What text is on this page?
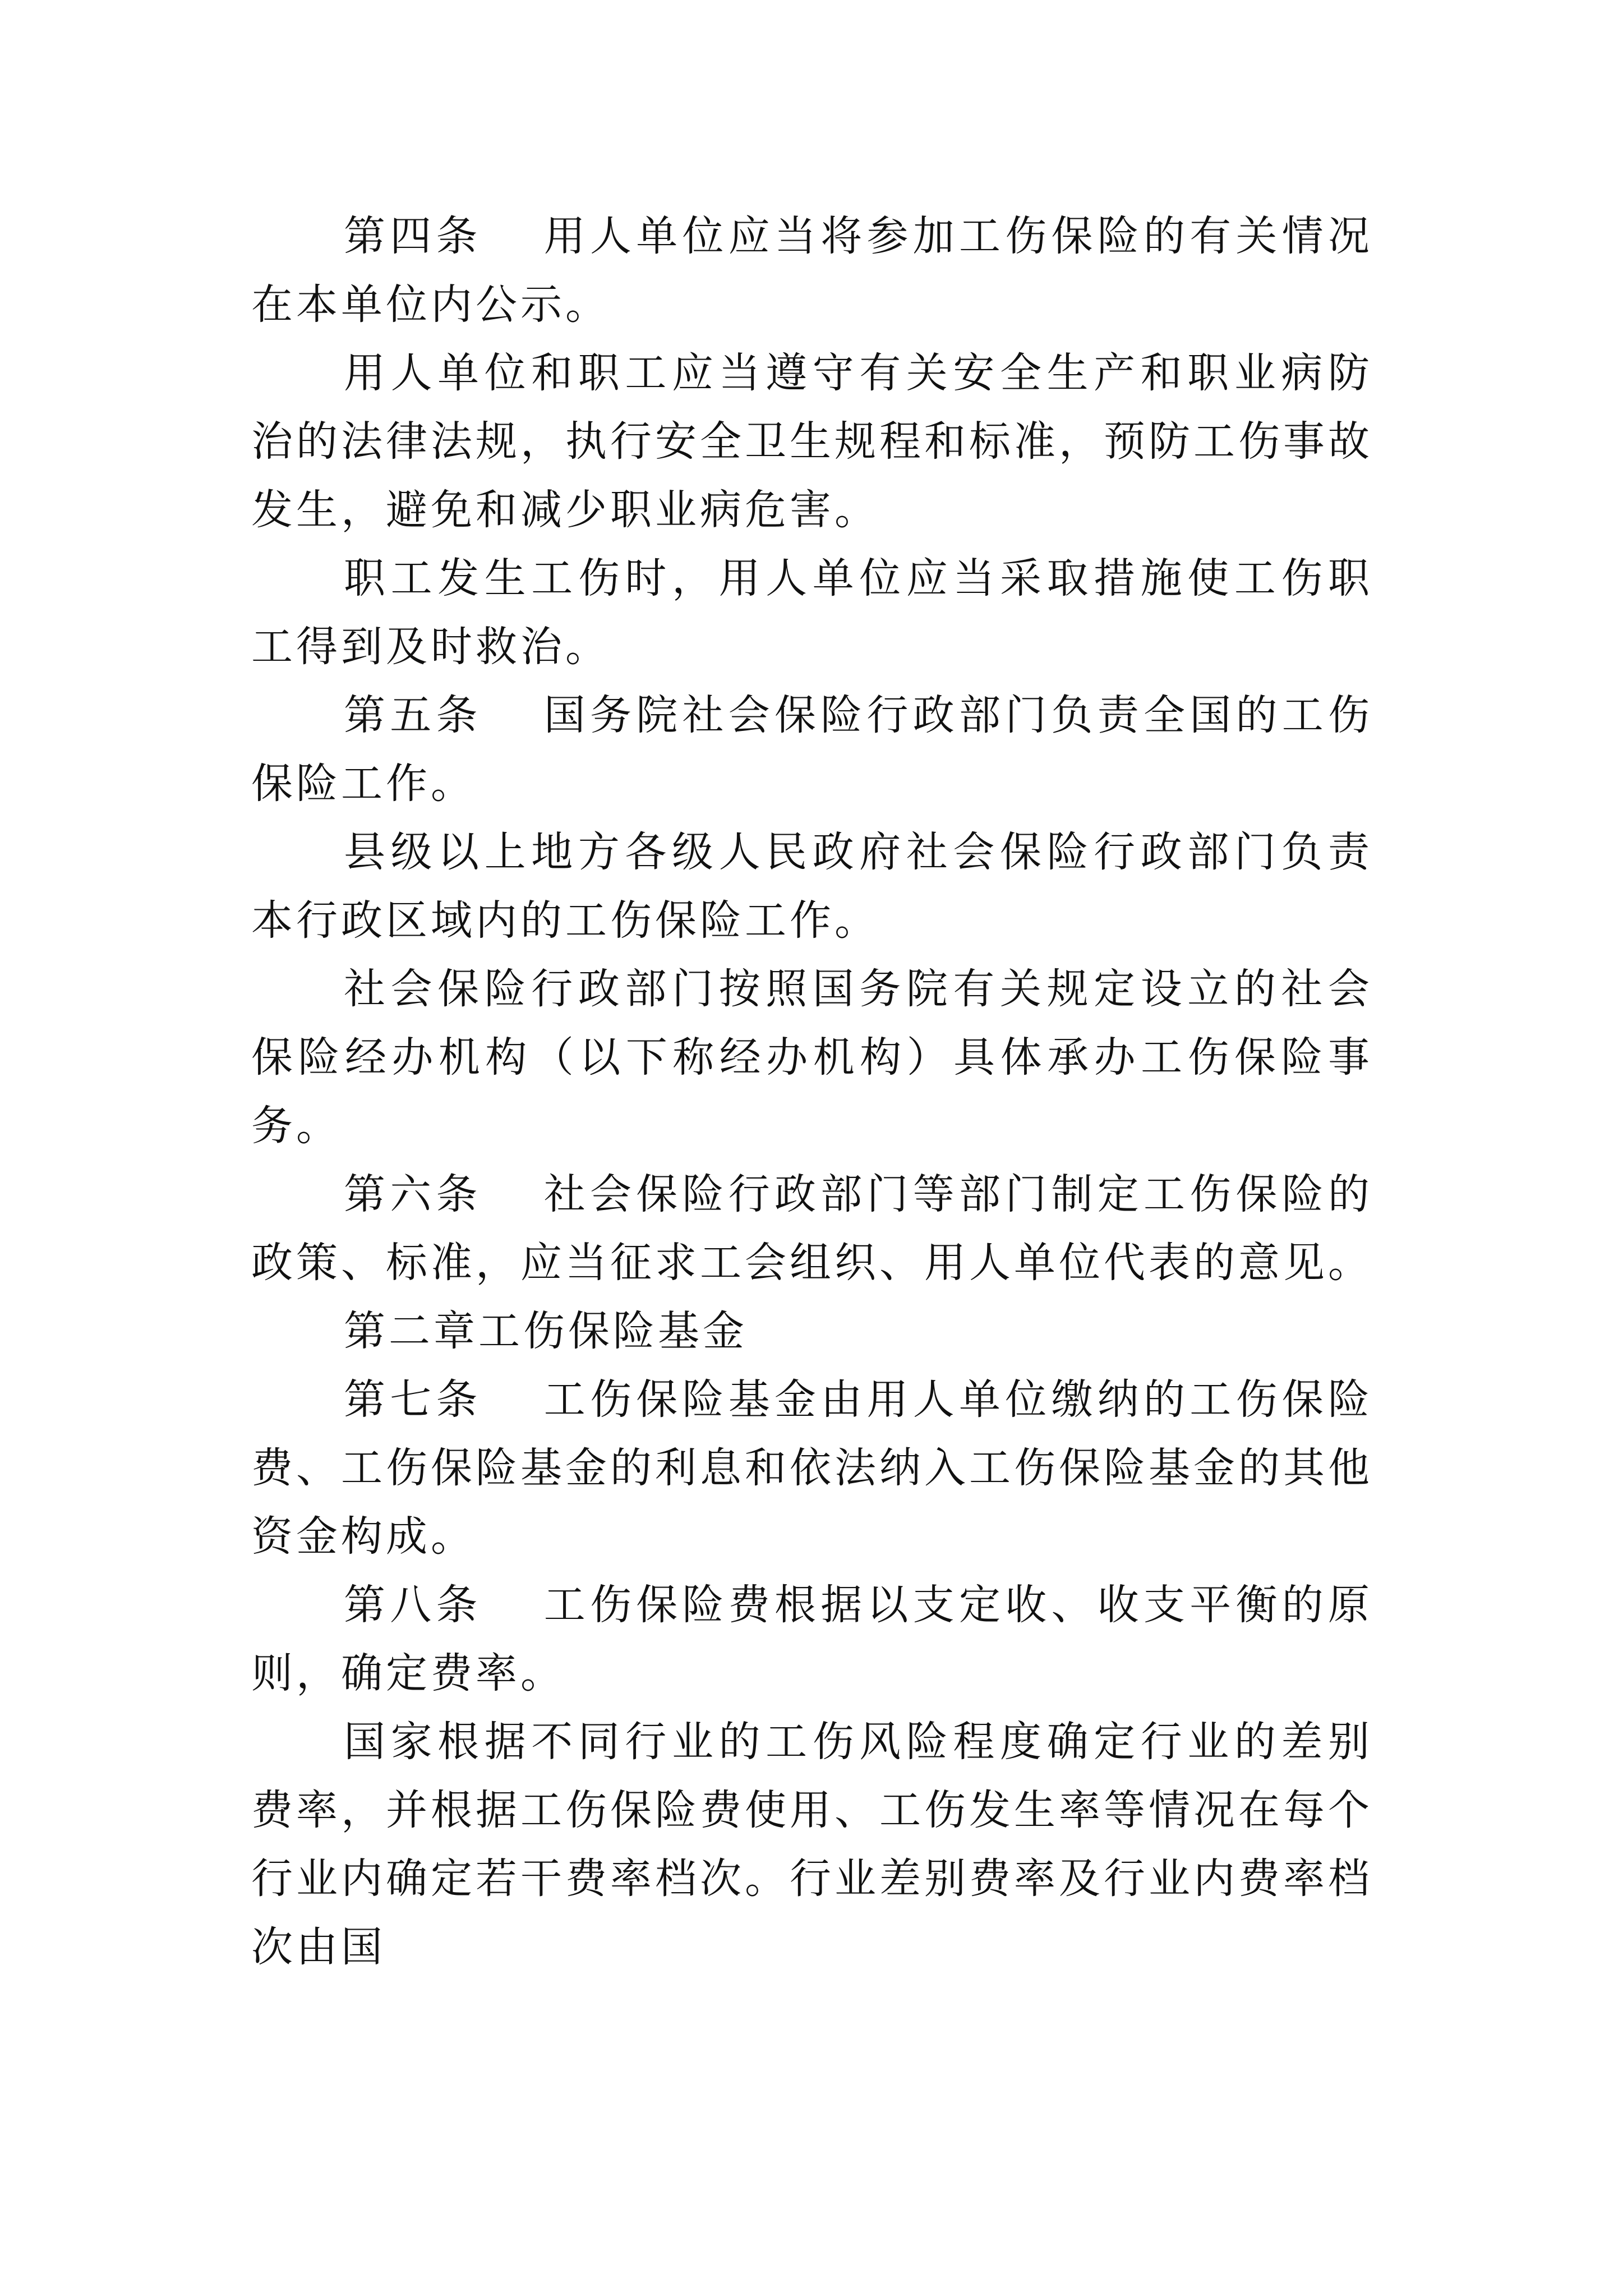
第四条 用人单位应当将参加工伤保险的有关情况在本单位内公示。

用人单位和职工应当遵守有关安全生产和职业病防治的法律法规，执行安全卫生规程和标准，预防工伤事故发生，避免和减少职业病危害。

职工发生工伤时，用人单位应当采取措施使工伤职工得到及时救治。

第五条 国务院社会保险行政部门负责全国的工伤保险工作。

县级以上地方各级人民政府社会保险行政部门负责本行政区域内的工伤保险工作。

社会保险行政部门按照国务院有关规定设立的社会保险经办机构（以下称经办机构）具体承办工伤保险事务。

第六条 社会保险行政部门等部门制定工伤保险的政策、标准，应当征求工会组织、用人单位代表的意见。

第二章工伤保险基金

第七条 工伤保险基金由用人单位缴纳的工伤保险费、工伤保险基金的利息和依法纳入工伤保险基金的其他资金构成。

第八条 工伤保险费根据以支定收、收支平衡的原则，确定费率。

国家根据不同行业的工伤风险程度确定行业的差别费率，并根据工伤保险费使用、工伤发生率等情况在每个行业内确定若干费率档次。行业差别费率及行业内费率档次由国
